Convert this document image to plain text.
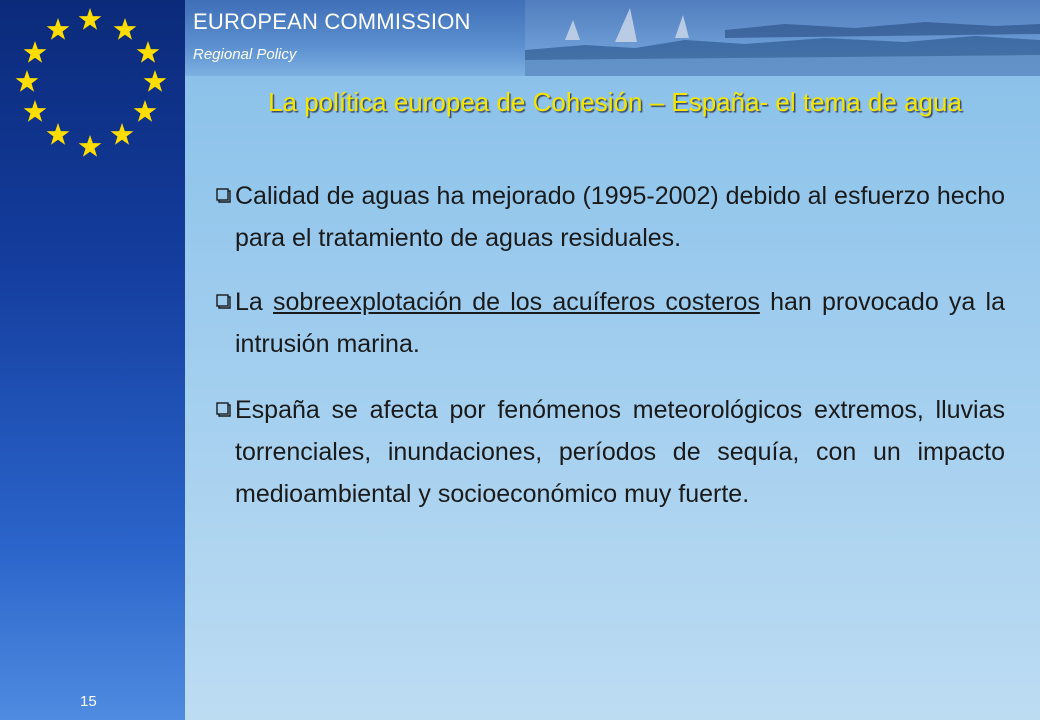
EUROPEAN COMMISSION
Regional Policy
La política europea de Cohesión – España- el tema de agua
Calidad de aguas ha mejorado (1995-2002) debido al esfuerzo hecho para el tratamiento de aguas residuales.
La sobreexplotación de los acuíferos costeros han provocado ya la intrusión marina.
España se afecta por fenómenos meteorológicos extremos, lluvias torrenciales, inundaciones, períodos de sequía, con un impacto medioambiental y socioeconómico muy fuerte.
15
